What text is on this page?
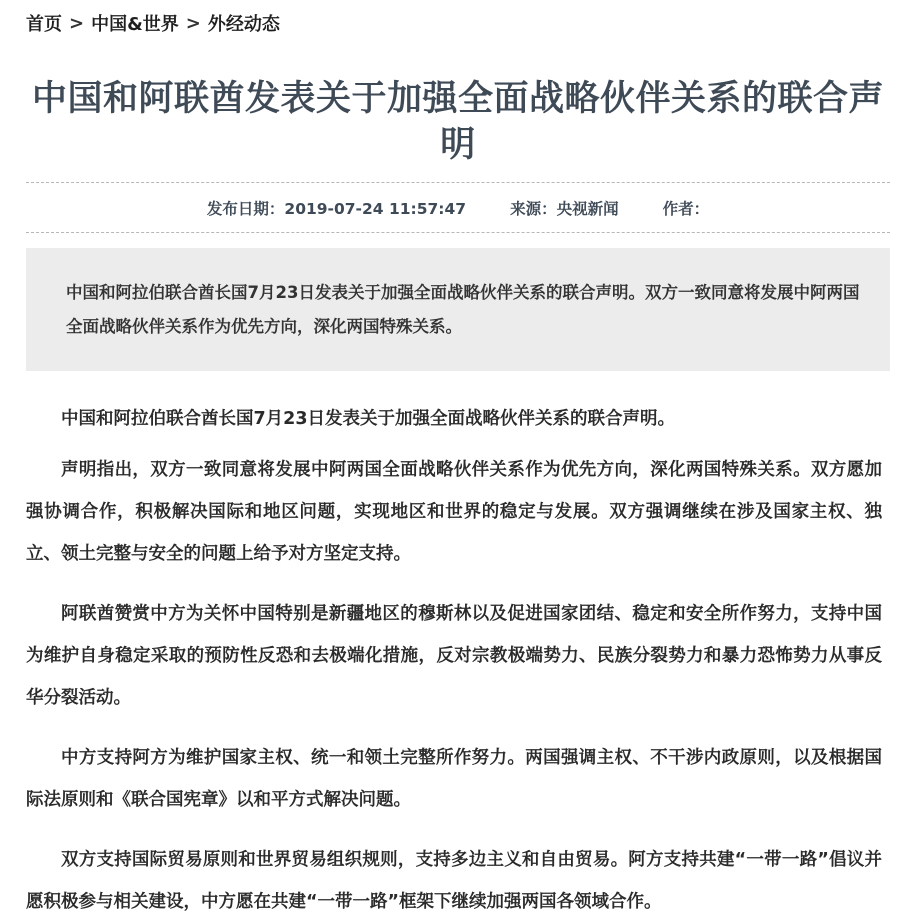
首页 > 中国&世界 > 外经动态
中国和阿联酋发表关于加强全面战略伙伴关系的联合声明
发布日期：2019-07-24 11:57:47	来源：央视新闻	作者：
中国和阿拉伯联合酋长国7月23日发表关于加强全面战略伙伴关系的联合声明。双方一致同意将发展中阿两国全面战略伙伴关系作为优先方向，深化两国特殊关系。

中国和阿拉伯联合酋长国7月23日发表关于加强全面战略伙伴关系的联合声明。

声明指出，双方一致同意将发展中阿两国全面战略伙伴关系作为优先方向，深化两国特殊关系。双方愿加强协调合作，积极解决国际和地区问题，实现地区和世界的稳定与发展。双方强调继续在涉及国家主权、独立、领土完整与安全的问题上给予对方坚定支持。

阿联酋赞赏中方为关怀中国特别是新疆地区的穆斯林以及促进国家团结、稳定和安全所作努力，支持中国为维护自身稳定采取的预防性反恐和去极端化措施，反对宗教极端势力、民族分裂势力和暴力恐怖势力从事反华分裂活动。

中方支持阿方为维护国家主权、统一和领土完整所作努力。两国强调主权、不干涉内政原则，以及根据国际法原则和《联合国宪章》以和平方式解决问题。

双方支持国际贸易原则和世界贸易组织规则，支持多边主义和自由贸易。阿方支持共建“一带一路”倡议并愿积极参与相关建设，中方愿在共建“一带一路”框架下继续加强两国各领域合作。
